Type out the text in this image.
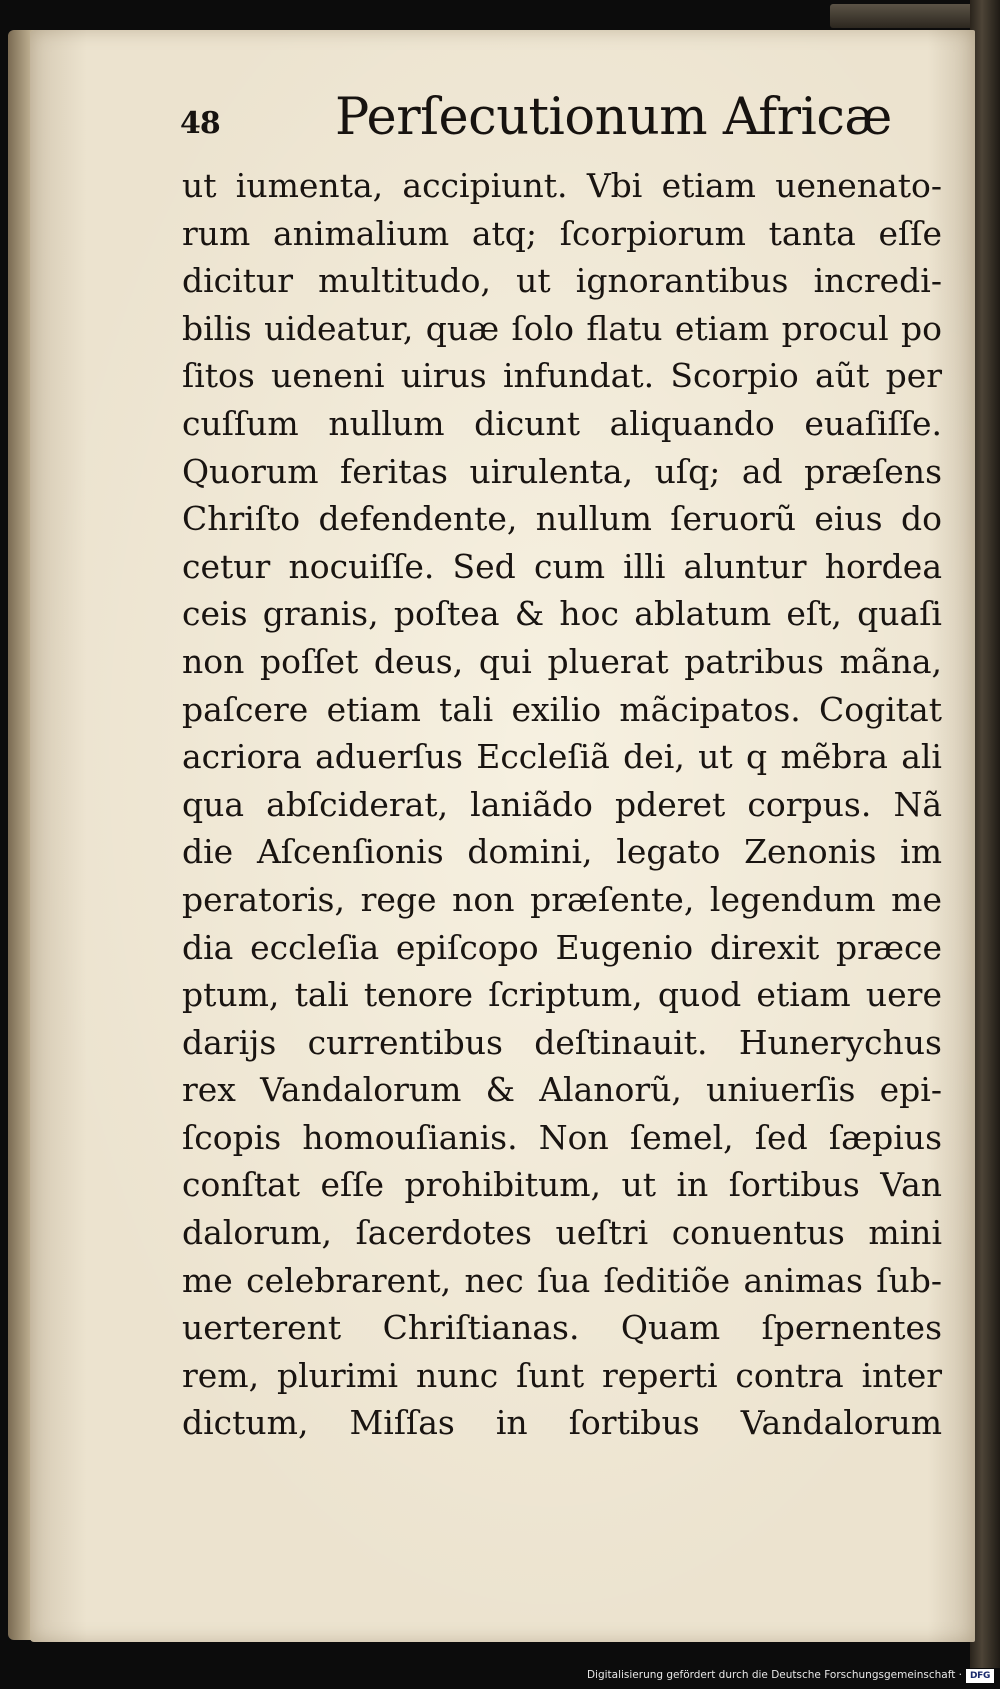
48 Perſecutionum Africæ
ut iumenta, accipiunt. Vbi etiam uenenato-
rum animalium atq; ſcorpiorum tanta eſſe
dicitur multitudo, ut ignorantibus incredi-
bilis uideatur, quæ ſolo flatu etiam procul po
ſitos ueneni uirus infundat. Scorpio aũt per
cuſſum nullum dicunt aliquando euaſiſſe.
Quorum feritas uirulenta, uſq; ad præſens
Chriſto defendente, nullum ſeruorũ eius do
cetur nocuiſſe. Sed cum illi aluntur hordea
ceis granis, poſtea & hoc ablatum eſt, quaſi
non poſſet deus, qui pluerat patribus mãna,
paſcere etiam tali exilio mãcipatos. Cogitat
acriora aduerſus Eccleſiã dei, ut q mẽbra ali
qua abſciderat, laniãdo pderet corpus. Nã
die Aſcenſionis domini, legato Zenonis im
peratoris, rege non præſente, legendum me
dia eccleſia epiſcopo Eugenio direxit præce
ptum, tali tenore ſcriptum, quod etiam uere
darijs currentibus deſtinauit. Hunerychus
rex Vandalorum & Alanorũ, uniuerſis epi-
ſcopis homouſianis. Non ſemel, ſed ſæpius
conſtat eſſe prohibitum, ut in ſortibus Van
dalorum, ſacerdotes ueſtri conuentus mini
me celebrarent, nec ſua ſeditiõe animas ſub-
uerterent Chriſtianas. Quam ſpernentes
rem, plurimi nunc ſunt reperti contra inter
dictum, Miſſas in ſortibus Vandalorum
Digitalisierung gefördert durch die Deutsche Forschungsgemeinschaft · DFG
